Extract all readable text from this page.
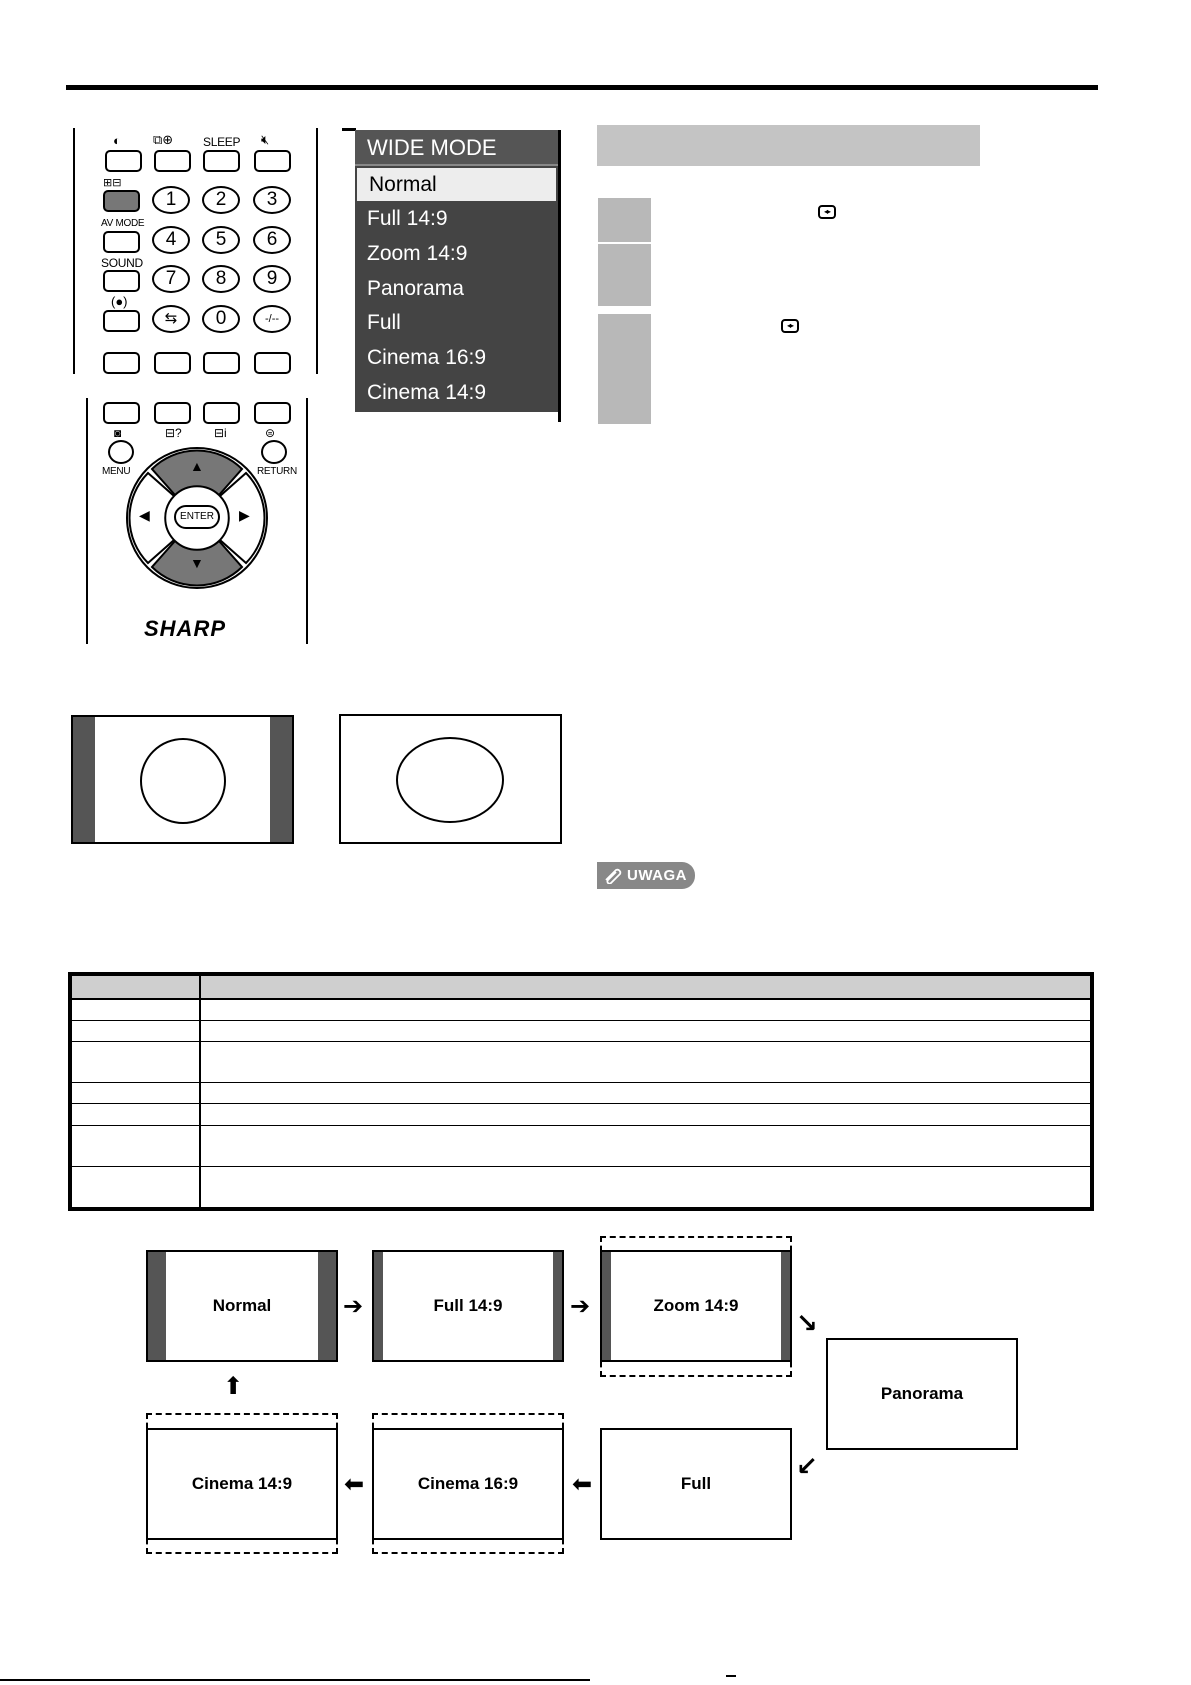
◐ ⧉⊕ SLEEP 🔇︎
⊞⊟
AV MODE
SOUND
(●)
1	2	3
4	5	6
7	8	9
⇆	0	-/--
◙	⊟?	⊟i	⊜
MENU	RETURN
▲
▼
◀	▶
ENTER
SHARP
WIDE MODE
Normal
Full 14:9
Zoom 14:9
Panorama
Full
Cinema 16:9
Cinema 14:9
◂▸
◂▸
UWAGA
Normal	Full 14:9	Zoom 14:9
Panorama
Full
Cinema 16:9
Cinema 14:9
➔	➔
↘
↙
⬅
⬅
⬆
